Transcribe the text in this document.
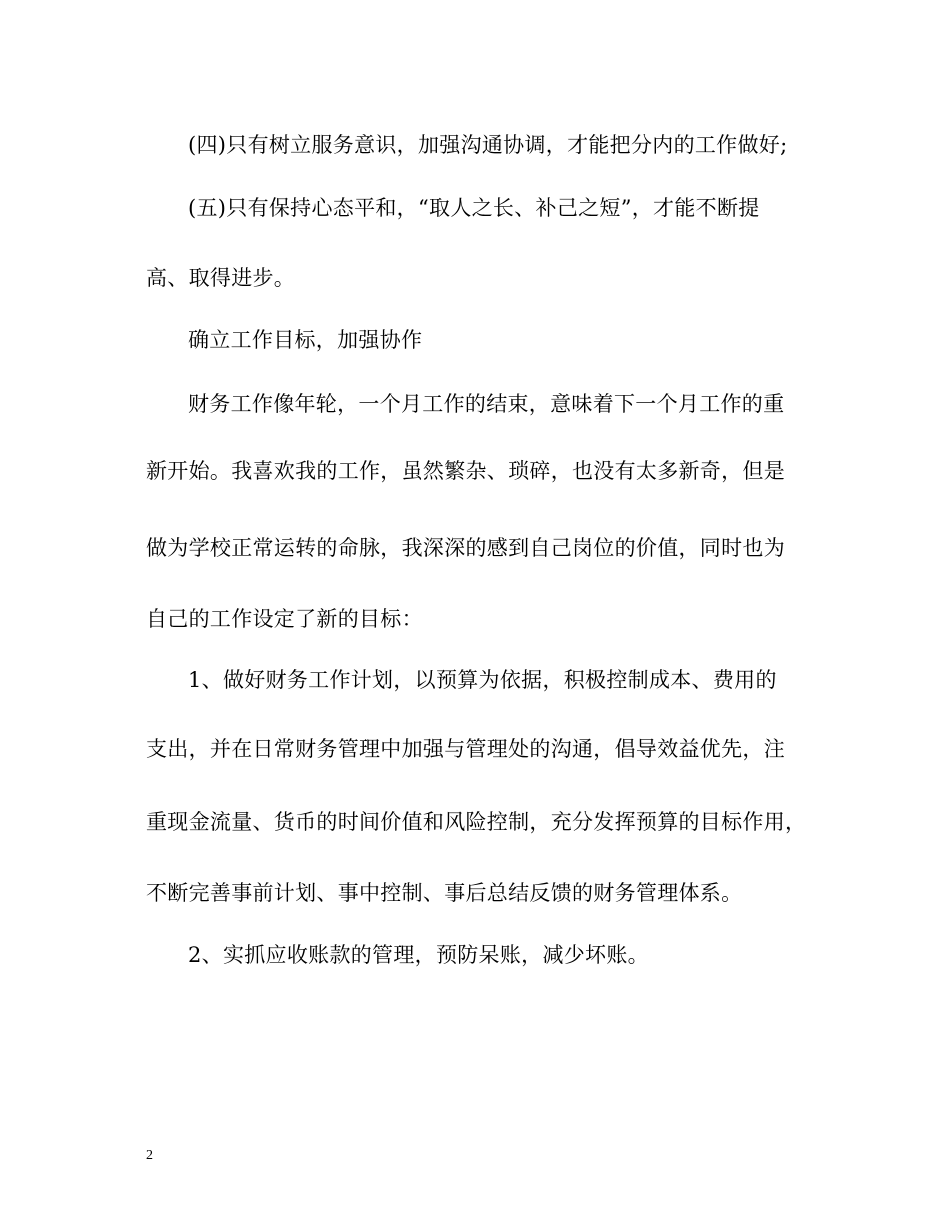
(四)只有树立服务意识，加强沟通协调，才能把分内的工作做好;
(五)只有保持心态平和，“取人之长、补己之短”，才能不断提
高、取得进步。
确立工作目标，加强协作
财务工作像年轮，一个月工作的结束，意味着下一个月工作的重
新开始。我喜欢我的工作，虽然繁杂、琐碎，也没有太多新奇，但是
做为学校正常运转的命脉，我深深的感到自己岗位的价值，同时也为
自己的工作设定了新的目标：
1、做好财务工作计划，以预算为依据，积极控制成本、费用的
支出，并在日常财务管理中加强与管理处的沟通，倡导效益优先，注
重现金流量、货币的时间价值和风险控制，充分发挥预算的目标作用，
不断完善事前计划、事中控制、事后总结反馈的财务管理体系。
2、实抓应收账款的管理，预防呆账，减少坏账。
2
